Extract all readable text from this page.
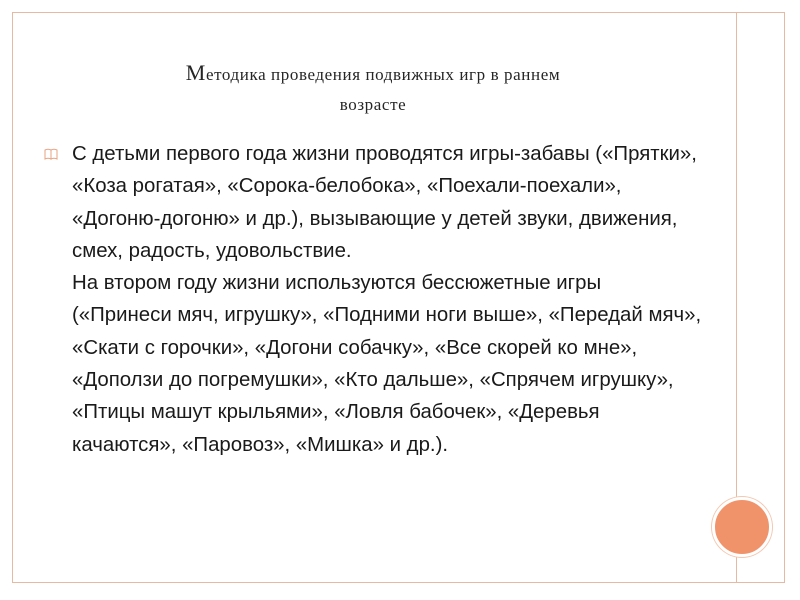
Методика проведения подвижных игр в раннем
возрасте
С детьми первого года жизни проводятся игры-забавы («Прятки», «Коза рогатая», «Сорока-белобока», «Поехали-поехали», «Догоню-догоню» и др.), вызывающие у детей звуки, движения, смех, радость, удовольствие.
На втором году жизни используются бессюжетные игры («Принеси мяч, игрушку», «Подними ноги выше», «Передай мяч», «Скати с горочки», «Догони собачку», «Все скорей ко мне», «Доползи до погремушки», «Кто дальше», «Спрячем игрушку», «Птицы машут крыльями», «Ловля бабочек», «Деревья качаются», «Паровоз», «Мишка» и др.).
